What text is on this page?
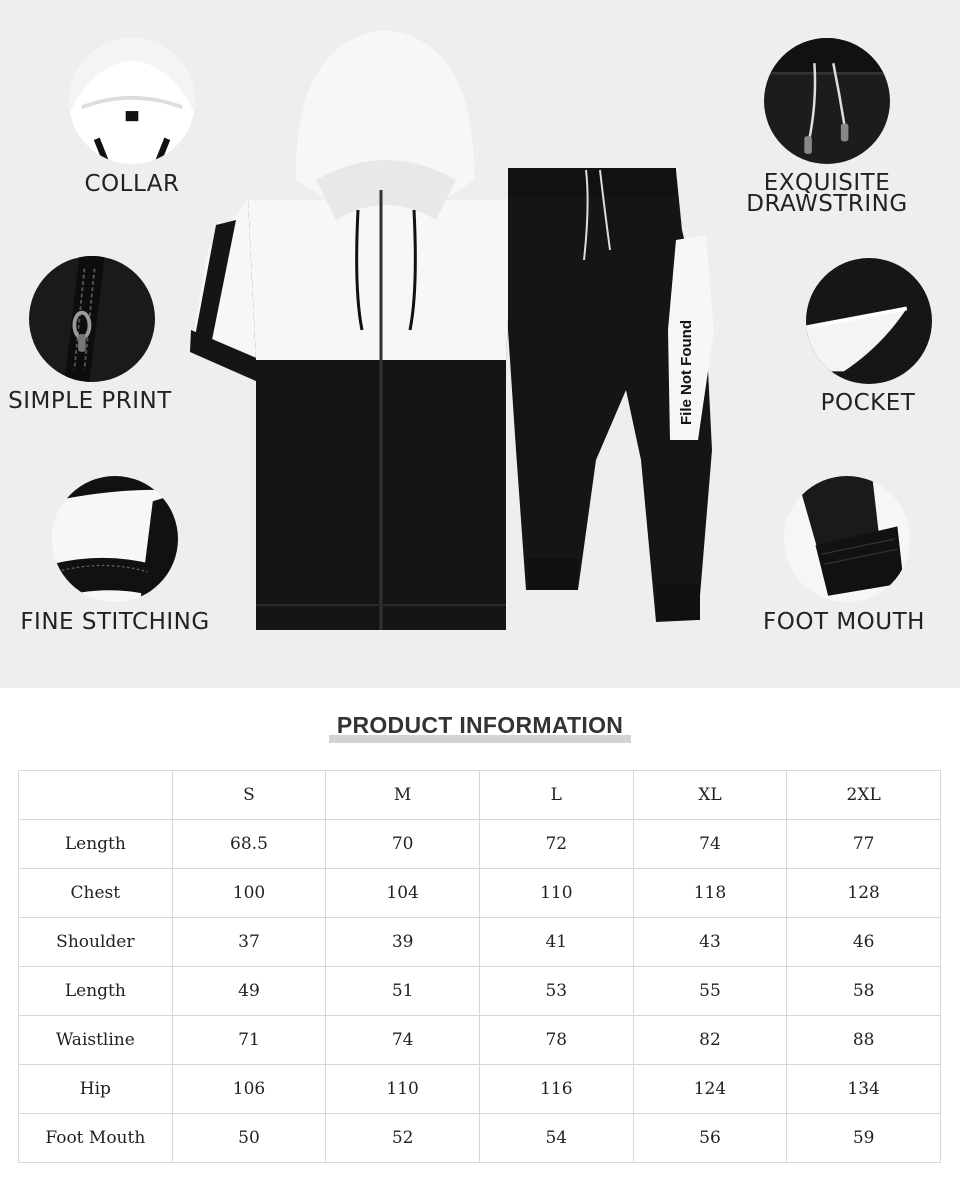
COLLAR
SIMPLE PRINT
FINE STITCHING
EXQUISITE
DRAWSTRING
POCKET
FOOT MOUTH
File Not Found
PRODUCT INFORMATION
	S	M	L	XL	2XL
Length	68.5	70	72	74	77
Chest	100	104	110	118	128
Shoulder	37	39	41	43	46
Length	49	51	53	55	58
Waistline	71	74	78	82	88
Hip	106	110	116	124	134
Foot Mouth	50	52	54	56	59
